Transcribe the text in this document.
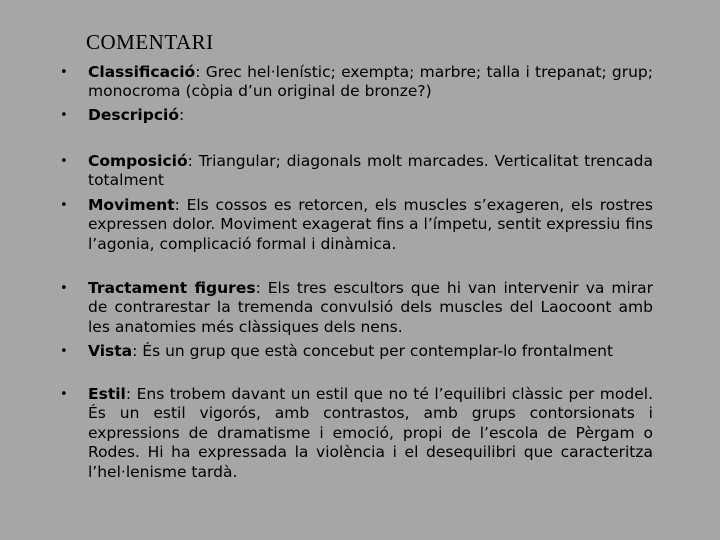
COMENTARI
• Classificació: Grec hel·lenístic; exempta; marbre; talla i trepanat; grup; monocroma (còpia d’un original de bronze?)
• Descripció:
• Composició: Triangular; diagonals molt marcades. Verticalitat trencada totalment
• Moviment: Els cossos es retorcen, els muscles s’exageren, els rostres expressen dolor. Moviment exagerat fins a l’ímpetu, sentit expressiu fins l’agonia, complicació formal i dinàmica.
• Tractament figures: Els tres escultors que hi van intervenir va mirar de contrarestar la tremenda convulsió dels muscles del Laocoont amb les anatomies més clàssiques dels nens.
• Vista: És un grup que està concebut per contemplar-lo frontalment
• Estil: Ens trobem davant un estil que no té l’equilibri clàssic per model. És un estil vigorós, amb contrastos, amb grups contorsionats i expressions de dramatisme i emoció, propi de l’escola de Pèrgam o Rodes. Hi ha expressada la violència i el desequilibri que caracteritza l’hel·lenisme tardà.
